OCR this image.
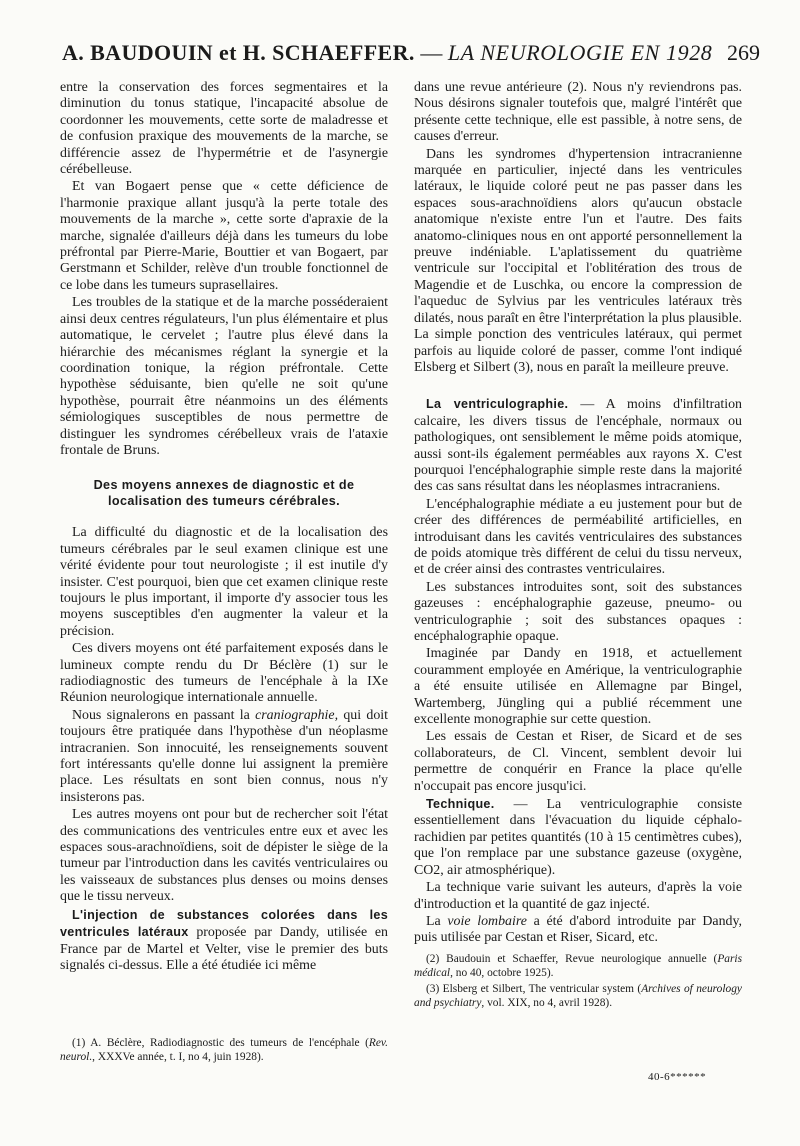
A. BAUDOUIN et H. SCHAEFFER. — LA NEUROLOGIE EN 1928 269

entre la conservation des forces segmentaires et la diminution du tonus statique, l'incapacité absolue de coordonner les mouvements, cette sorte de maladresse et de confusion praxique des mouvements de la marche, se différencie assez de l'hypermétrie et de l'asynergie cérébelleuse.

Et van Bogaert pense que « cette déficience de l'harmonie praxique allant jusqu'à la perte totale des mouvements de la marche », cette sorte d'apraxie de la marche, signalée d'ailleurs déjà dans les tumeurs du lobe préfrontal par Pierre-Marie, Bouttier et van Bogaert, par Gerstmann et Schilder, relève d'un trouble fonctionnel de ce lobe dans les tumeurs suprasellaires.

Les troubles de la statique et de la marche posséderaient ainsi deux centres régulateurs, l'un plus élémentaire et plus automatique, le cervelet ; l'autre plus élevé dans la hiérarchie des mécanismes réglant la synergie et la coordination tonique, la région préfrontale. Cette hypothèse séduisante, bien qu'elle ne soit qu'une hypothèse, pourrait être néanmoins un des éléments sémiologiques susceptibles de nous permettre de distinguer les syndromes cérébelleux vrais de l'ataxie frontale de Bruns.

Des moyens annexes de diagnostic et de localisation des tumeurs cérébrales.

La difficulté du diagnostic et de la localisation des tumeurs cérébrales par le seul examen clinique est une vérité évidente pour tout neurologiste ; il est inutile d'y insister. C'est pourquoi, bien que cet examen clinique reste toujours le plus important, il importe d'y associer tous les moyens susceptibles d'en augmenter la valeur et la précision.

Ces divers moyens ont été parfaitement exposés dans le lumineux compte rendu du Dr Béclère (1) sur le radiodiagnostic des tumeurs de l'encéphale à la IXe Réunion neurologique internationale annuelle.

Nous signalerons en passant la craniographie, qui doit toujours être pratiquée dans l'hypothèse d'un néoplasme intracranien. Son innocuité, les renseignements souvent fort intéressants qu'elle donne lui assignent la première place. Les résultats en sont bien connus, nous n'y insisterons pas.

Les autres moyens ont pour but de rechercher soit l'état des communications des ventricules entre eux et avec les espaces sous-arachnoïdiens, soit de dépister le siège de la tumeur par l'introduction dans les cavités ventriculaires ou les vaisseaux de substances plus denses ou moins denses que le tissu nerveux.

L'injection de substances colorées dans les ventricules latéraux proposée par Dandy, utilisée en France par de Martel et Velter, vise le premier des buts signalés ci-dessus. Elle a été étudiée ici même

(1) A. Béclère, Radiodiagnostic des tumeurs de l'encéphale (Rev. neurol., XXXVe année, t. I, no 4, juin 1928).

dans une revue antérieure (2). Nous n'y reviendrons pas. Nous désirons signaler toutefois que, malgré l'intérêt que présente cette technique, elle est passible, à notre sens, de causes d'erreur.

Dans les syndromes d'hypertension intracranienne marquée en particulier, injecté dans les ventricules latéraux, le liquide coloré peut ne pas passer dans les espaces sous-arachnoïdiens alors qu'aucun obstacle anatomique n'existe entre l'un et l'autre. Des faits anatomo-cliniques nous en ont apporté personnellement la preuve indéniable. L'aplatissement du quatrième ventricule sur l'occipital et l'oblitération des trous de Magendie et de Luschka, ou encore la compression de l'aqueduc de Sylvius par les ventricules latéraux très dilatés, nous paraît en être l'interprétation la plus plausible. La simple ponction des ventricules latéraux, qui permet parfois au liquide coloré de passer, comme l'ont indiqué Elsberg et Silbert (3), nous en paraît la meilleure preuve.

La ventriculographie. — A moins d'infiltration calcaire, les divers tissus de l'encéphale, normaux ou pathologiques, ont sensiblement le même poids atomique, aussi sont-ils également perméables aux rayons X. C'est pourquoi l'encéphalographie simple reste dans la majorité des cas sans résultat dans les néoplasmes intracraniens.

L'encéphalographie médiate a eu justement pour but de créer des différences de perméabilité artificielles, en introduisant dans les cavités ventriculaires des substances de poids atomique très différent de celui du tissu nerveux, et de créer ainsi des contrastes ventriculaires.

Les substances introduites sont, soit des substances gazeuses : encéphalographie gazeuse, pneumo- ou ventriculographie ; soit des substances opaques : encéphalographie opaque.

Imaginée par Dandy en 1918, et actuellement couramment employée en Amérique, la ventriculographie a été ensuite utilisée en Allemagne par Bingel, Wartemberg, Jüngling qui a publié récemment une excellente monographie sur cette question.

Les essais de Cestan et Riser, de Sicard et de ses collaborateurs, de Cl. Vincent, semblent devoir lui permettre de conquérir en France la place qu'elle n'occupait pas encore jusqu'ici.

Technique. — La ventriculographie consiste essentiellement dans l'évacuation du liquide céphalo-rachidien par petites quantités (10 à 15 centimètres cubes), que l'on remplace par une substance gazeuse (oxygène, CO2, air atmosphérique).

La technique varie suivant les auteurs, d'après la voie d'introduction et la quantité de gaz injecté.

La voie lombaire a été d'abord introduite par Dandy, puis utilisée par Cestan et Riser, Sicard, etc.

(2) Baudouin et Schaeffer, Revue neurologique annuelle (Paris médical, no 40, octobre 1925).

(3) Elsberg et Silbert, The ventricular system (Archives of neurology and psychiatry, vol. XIX, no 4, avril 1928).

40-6******
